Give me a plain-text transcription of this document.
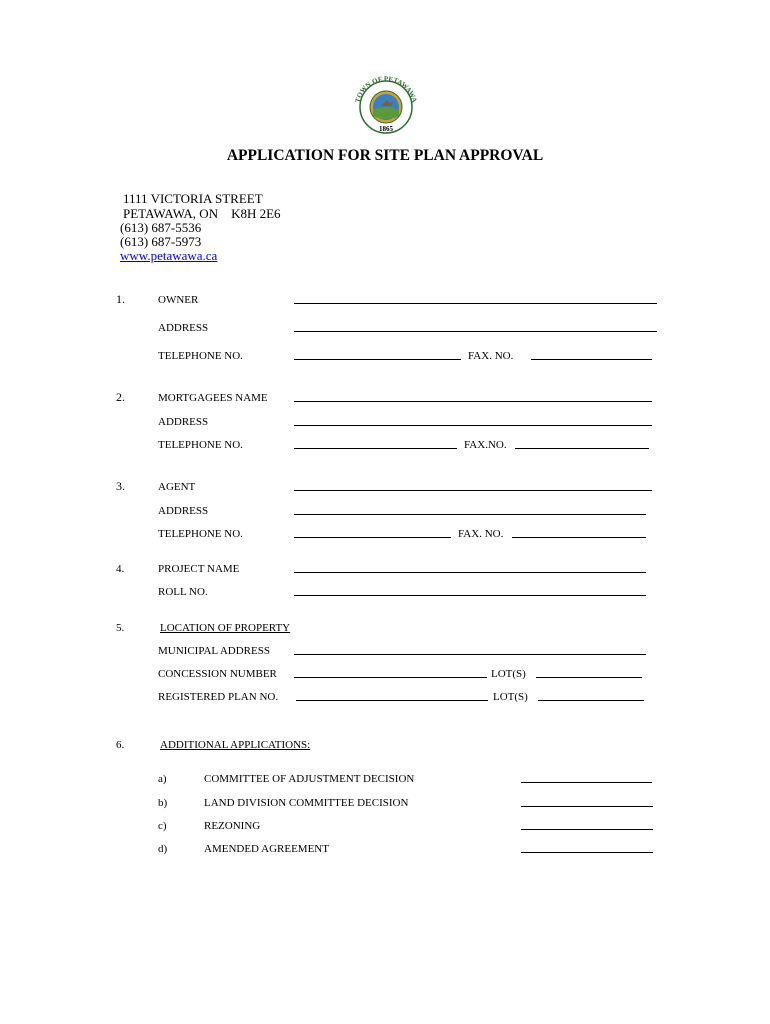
TOWN OF PETAWAWA
1865
APPLICATION FOR SITE PLAN APPROVAL
1111 VICTORIA STREET
PETAWAWA, ON    K8H 2E6
(613) 687-5536
(613) 687-5973
www.petawawa.ca
1.	OWNER
ADDRESS
TELEPHONE NO.	FAX. NO.
2.	MORTGAGEES NAME
ADDRESS
TELEPHONE NO.	FAX.NO.
3.	AGENT
ADDRESS
TELEPHONE NO.	FAX. NO.
4.	PROJECT NAME
ROLL NO.
5.	LOCATION OF PROPERTY
MUNICIPAL ADDRESS
CONCESSION NUMBER	LOT(S)
REGISTERED PLAN NO.	LOT(S)
6.	ADDITIONAL APPLICATIONS:
a)	COMMITTEE OF ADJUSTMENT DECISION
b)	LAND DIVISION COMMITTEE DECISION
c)	REZONING
d)	AMENDED AGREEMENT
